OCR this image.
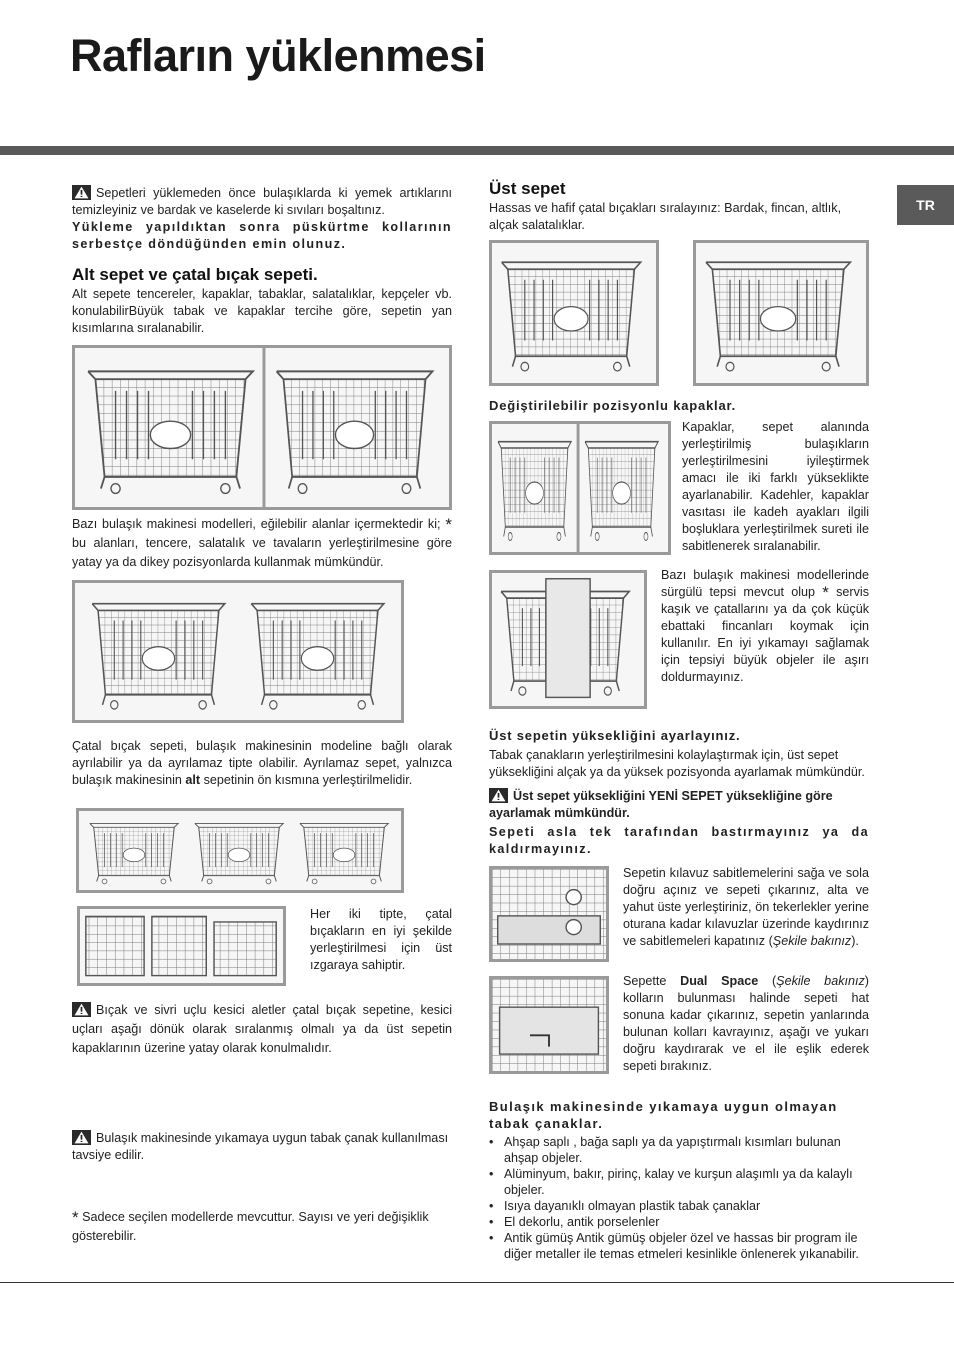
Rafların yüklenmesi
TR

Sepetleri yüklemeden önce bulaşıklarda ki yemek artıklarını temizleyiniz ve bardak ve kaselerde ki sıvıları boşaltınız.

Yükleme yapıldıktan sonra püskürtme kollarının serbestçe döndüğünden emin olunuz.

Alt sepet ve çatal bıçak sepeti.

Alt sepete tencereler, kapaklar, tabaklar, salatalıklar, kepçeler vb. konulabilirBüyük tabak ve kapaklar tercihe göre, sepetin yan kısımlarına sıralanabilir.

Bazı bulaşık makinesi modelleri, eğilebilir alanlar içermektedir ki; * bu alanları, tencere, salatalık ve tavaların yerleştirilmesine göre yatay ya da dikey pozisyonlarda kullanmak mümkündür.

Çatal bıçak sepeti, bulaşık makinesinin modeline bağlı olarak ayrılabilir ya da ayrılamaz tipte olabilir. Ayrılamaz sepet, yalnızca bulaşık makinesinin alt sepetinin ön kısmına yerleştirilmelidir.

Her iki tipte, çatal bıçakların en iyi şekilde yerleştirilmesi için üst ızgaraya sahiptir.

Bıçak ve sivri uçlu kesici aletler çatal bıçak sepetine, kesici uçları aşağı dönük olarak sıralanmış olmalı ya da üst sepetin kapaklarının üzerine yatay olarak konulmalıdır.

Bulaşık makinesinde yıkamaya uygun tabak çanak kullanılması tavsiye edilir.

* Sadece seçilen modellerde mevcuttur. Sayısı ve yeri değişiklik gösterebilir.

Üst sepet

Hassas ve hafif çatal bıçakları sıralayınız: Bardak, fincan, altlık, alçak salatalıklar.

Değiştirilebilir pozisyonlu kapaklar.

Kapaklar, sepet alanında yerleştirilmiş bulaşıkların yerleştirilmesini iyileştirmek amacı ile iki farklı yükseklikte ayarlanabilir. Kadehler, kapaklar vasıtası ile kadeh ayakları ilgili boşluklara yerleştirilmek sureti ile sabitlenerek sıralanabilir.

Bazı bulaşık makinesi modellerinde sürgülü tepsi mevcut olup * servis kaşık ve çatallarını ya da çok küçük ebattaki fincanları koymak için kullanılır. En iyi yıkamayı sağlamak için tepsiyi büyük objeler ile aşırı doldurmayınız.

Üst sepetin yüksekliğini ayarlayınız.

Tabak çanakların yerleştirilmesini kolaylaştırmak için, üst sepet yüksekliğini alçak ya da yüksek pozisyonda ayarlamak mümkündür.

Üst sepet yüksekliğini YENİ SEPET yüksekliğine göre ayarlamak mümkündür.

Sepeti asla tek tarafından bastırmayınız ya da kaldırmayınız.

Sepetin kılavuz sabitlemelerini sağa ve sola doğru açınız ve sepeti çıkarınız, alta ve yahut üste yerleştiriniz, ön tekerlekler yerine oturana kadar kılavuzlar üzerinde kaydırınız ve sabitlemeleri kapatınız (Şekile bakınız).

Sepette Dual Space (Şekile bakınız) kolların bulunması halinde sepeti hat sonuna kadar çıkarınız, sepetin yanlarında bulunan kolları kavrayınız, aşağı ve yukarı doğru kaydırarak ve el ile eşlik ederek sepeti bırakınız.

Bulaşık makinesinde yıkamaya uygun olmayan tabak çanaklar.

• Ahşap saplı , bağa saplı ya da yapıştırmalı kısımları bulunan ahşap objeler.
• Alüminyum, bakır, pirinç, kalay ve kurşun alaşımlı ya da kalaylı objeler.
• Isıya dayanıklı olmayan plastik tabak çanaklar
• El dekorlu, antik porselenler
• Antik gümüş Antik gümüş objeler özel ve hassas bir program ile diğer metaller ile temas etmeleri kesinlikle önlenerek yıkanabilir.
